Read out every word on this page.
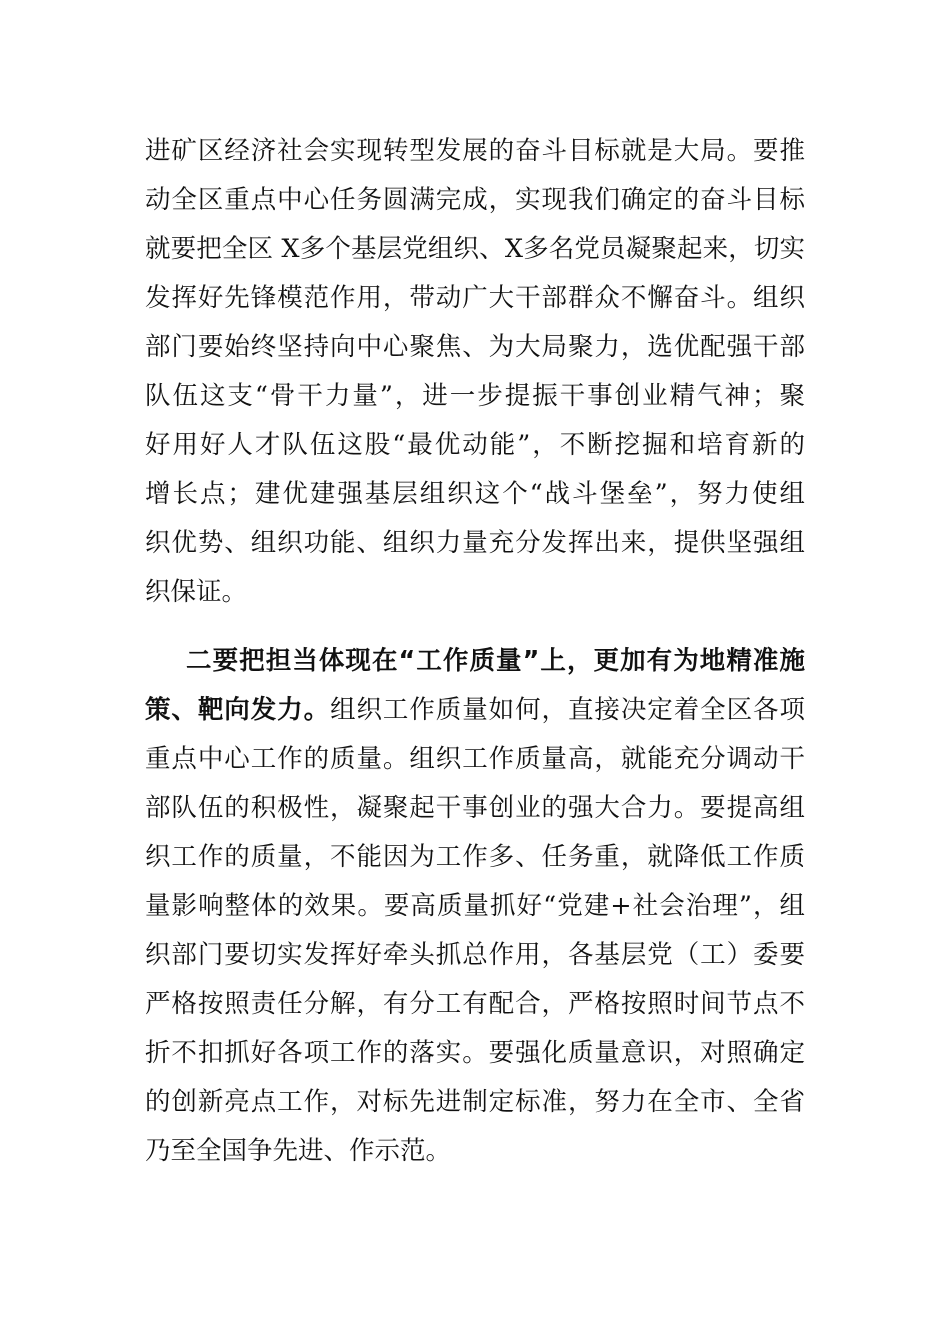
进矿区经济社会实现转型发展的奋斗目标就是大局。要推
动全区重点中心任务圆满完成，实现我们确定的奋斗目标
就要把全区 X多个基层党组织、X多名党员凝聚起来，切实
发挥好先锋模范作用，带动广大干部群众不懈奋斗。组织
部门要始终坚持向中心聚焦、为大局聚力，选优配强干部
队伍这支“骨干力量”，进一步提振干事创业精气神；聚
好用好人才队伍这股“最优动能”，不断挖掘和培育新的
增长点；建优建强基层组织这个“战斗堡垒”，努力使组
织优势、组织功能、组织力量充分发挥出来，提供坚强组
织保证。
二要把担当体现在“工作质量”上，更加有为地精准施
策、靶向发力。组织工作质量如何，直接决定着全区各项
重点中心工作的质量。组织工作质量高，就能充分调动干
部队伍的积极性，凝聚起干事创业的强大合力。要提高组
织工作的质量，不能因为工作多、任务重，就降低工作质
量影响整体的效果。要高质量抓好“党建+社会治理”，组
织部门要切实发挥好牵头抓总作用，各基层党（工）委要
严格按照责任分解，有分工有配合，严格按照时间节点不
折不扣抓好各项工作的落实。要强化质量意识，对照确定
的创新亮点工作，对标先进制定标准，努力在全市、全省
乃至全国争先进、作示范。
